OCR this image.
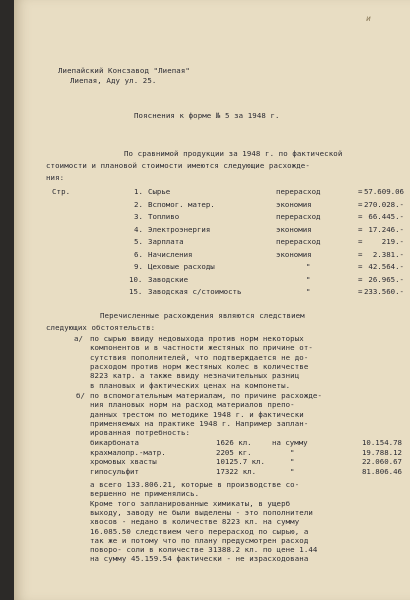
и
Лиепайский Консзавод "Лиепая"
Лиепая, Аду ул. 25.
Пояснения к форме № 5 за 1948 г.
По сравнимой продукции за 1948 г. по фактической
стоимости и плановой стоимости имеются следующие расхожде-
ния:
Стр.	1. Сырье	перерасход	= 57.609.06
2. Вспомог. матер.	экономия	= 270.028.-
3. Топливо	перерасход	= 66.445.-
4. Электроэнергия	экономия	= 17.246.-
5. Зарплата	перерасход	=	219.-
6. Начисления	экономия	= 2.381.-
9. Цеховые расходы	"	= 42.564.-
10. Заводские	"	= 26.965.-
15. Заводская с/стоимость	"	= 233.560.-
Перечисленные расхождения являются следствием
следующих обстоятельств:
а/ по сырью ввиду недовыхода против норм некоторых
компонентов и в частности жестяных по причине от-
сутствия пополнителей, что подтверждается не до-
расходом против норм жестяных колес в количестве
8223 катр. а также ввиду незначительных разниц
в плановых и фактических ценах на компонеты.
б/ по вспомогательным материалам, по причине расхожде-
ния плановых норм на расход материалов препо-
данных трестом по методике 1948 г. и фактически
применяемых на практике 1948 г. Например заплан-
ированная потребность:
бикарбоната	1626 кл.	на сумму	10.154.78
крахмалопр.-матр.	2205 кг.	"	19.788.12
хромовых хвасты	10125.7 кл.	"	22.060.67
гипосульфит	17322 кл.	"	81.806.46
а всего 133.806.21, которые в производстве со-
вершенно не применялись.
Кроме того запланированные химикаты, в ущерб
выходу, заводу не были выделены - это пополнители
хвосов - недано в количестве 8223 кл. на сумму
16.085.50 следствием чего перерасход по сырью, а
так же и потому что по плану предусмотрен расход
поворо- соли в количестве 31388.2 кл. по цене 1.44
на сумму 45.159.54 фактически - не израсходована
